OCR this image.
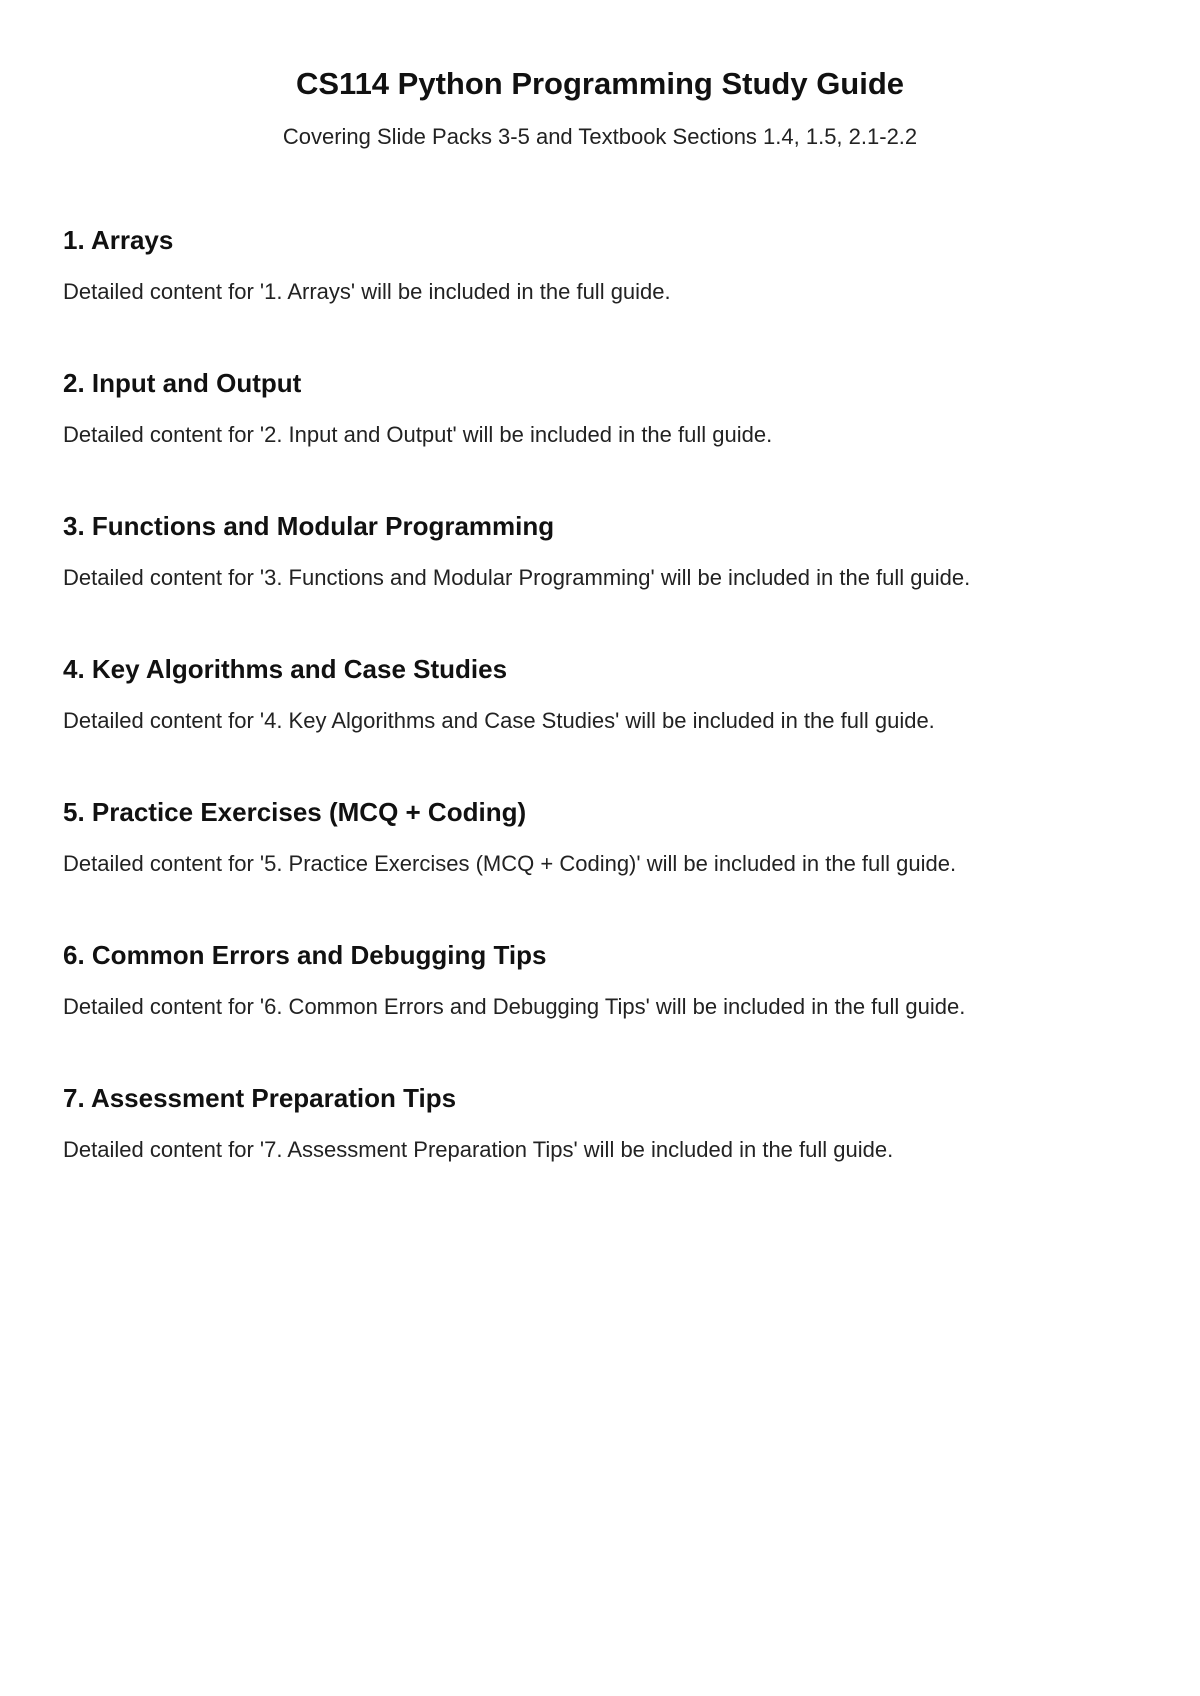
CS114 Python Programming Study Guide

Covering Slide Packs 3-5 and Textbook Sections 1.4, 1.5, 2.1-2.2

1. Arrays

Detailed content for '1. Arrays' will be included in the full guide.

2. Input and Output

Detailed content for '2. Input and Output' will be included in the full guide.

3. Functions and Modular Programming

Detailed content for '3. Functions and Modular Programming' will be included in the full guide.

4. Key Algorithms and Case Studies

Detailed content for '4. Key Algorithms and Case Studies' will be included in the full guide.

5. Practice Exercises (MCQ + Coding)

Detailed content for '5. Practice Exercises (MCQ + Coding)' will be included in the full guide.

6. Common Errors and Debugging Tips

Detailed content for '6. Common Errors and Debugging Tips' will be included in the full guide.

7. Assessment Preparation Tips

Detailed content for '7. Assessment Preparation Tips' will be included in the full guide.
